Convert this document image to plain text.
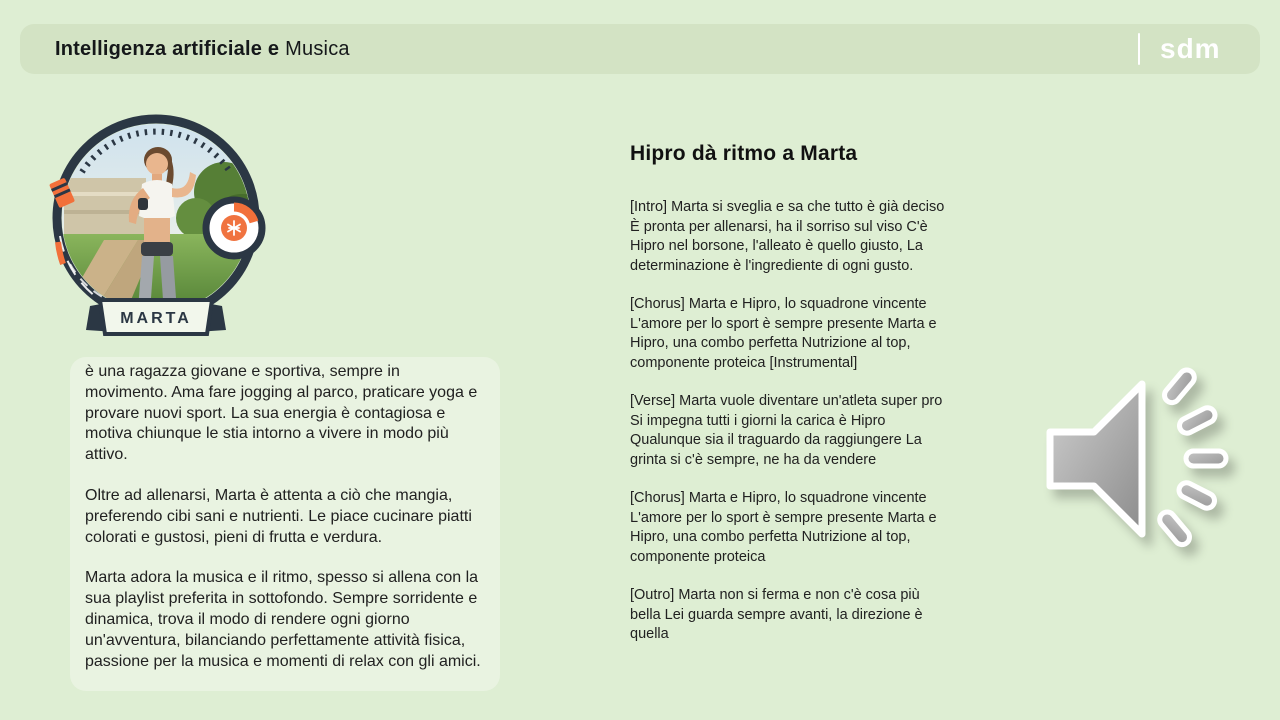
Intelligenza artificiale e Musica	sdm
MARTA

è una ragazza giovane e sportiva, sempre in movimento. Ama fare jogging al parco, praticare yoga e provare nuovi sport. La sua energia è contagiosa e motiva chiunque le stia intorno a vivere in modo più attivo.

Oltre ad allenarsi, Marta è attenta a ciò che mangia, preferendo cibi sani e nutrienti. Le piace cucinare piatti colorati e gustosi, pieni di frutta e verdura.

Marta adora la musica e il ritmo, spesso si allena con la sua playlist preferita in sottofondo. Sempre sorridente e dinamica, trova il modo di rendere ogni giorno un'avventura, bilanciando perfettamente attività fisica, passione per la musica e momenti di relax con gli amici.

Hipro dà ritmo a Marta

[Intro] Marta si sveglia e sa che tutto è già deciso È pronta per allenarsi, ha il sorriso sul viso C'è Hipro nel borsone, l'alleato è quello giusto, La determinazione è l'ingrediente di ogni gusto.

[Chorus] Marta e Hipro, lo squadrone vincente L'amore per lo sport è sempre presente Marta e Hipro, una combo perfetta Nutrizione al top, componente proteica [Instrumental]

[Verse] Marta vuole diventare un'atleta super pro Si impegna tutti i giorni la carica è Hipro Qualunque sia il traguardo da raggiungere La grinta si c'è sempre, ne ha da vendere

[Chorus] Marta e Hipro, lo squadrone vincente L'amore per lo sport è sempre presente Marta e Hipro, una combo perfetta Nutrizione al top, componente proteica

[Outro] Marta non si ferma e non c'è cosa più bella Lei guarda sempre avanti, la direzione è quella
